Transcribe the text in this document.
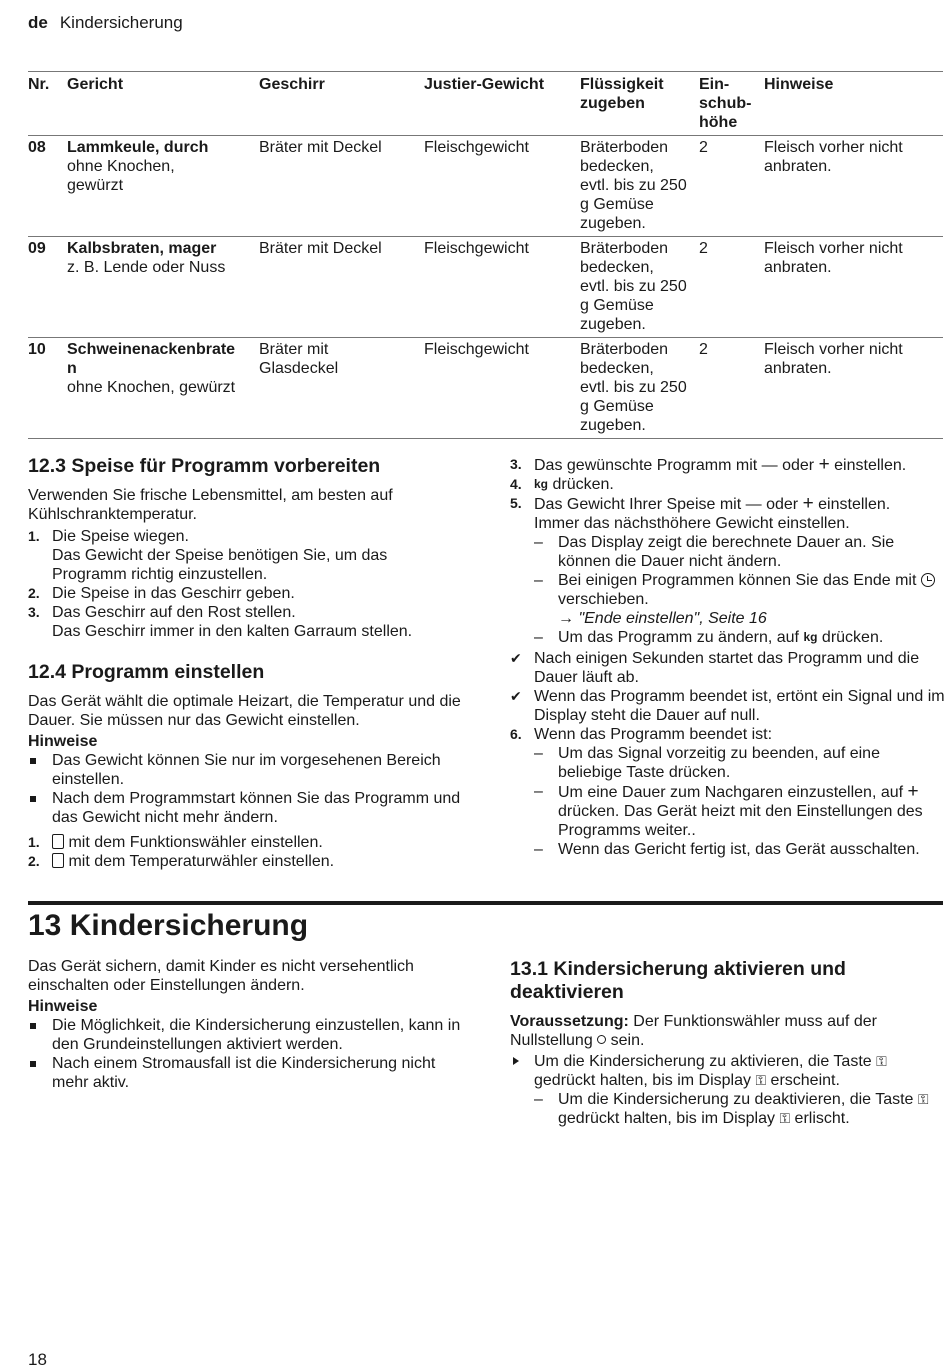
de Kindersicherung
Nr.	Gericht	Geschirr	Justier-Gewicht	Flüssigkeit zugeben	Ein-schub-höhe	Hinweise
08	Lammkeule, durch
ohne Knochen, gewürzt	Bräter mit Deckel	Fleischgewicht	Bräterboden bedecken, evtl. bis zu 250 g Gemüse zugeben.	2	Fleisch vorher nicht anbraten.
09	Kalbsbraten, mager
z. B. Lende oder Nuss	Bräter mit Deckel	Fleischgewicht	Bräterboden bedecken, evtl. bis zu 250 g Gemüse zugeben.	2	Fleisch vorher nicht anbraten.
10	Schweinenackenbraten
ohne Knochen, gewürzt	Bräter mit Glasdeckel	Fleischgewicht	Bräterboden bedecken, evtl. bis zu 250 g Gemüse zugeben.	2	Fleisch vorher nicht anbraten.
12.3 Speise für Programm vorbereiten
Verwenden Sie frische Lebensmittel, am besten auf Kühlschranktemperatur.
1. Die Speise wiegen.
Das Gewicht der Speise benötigen Sie, um das Programm richtig einzustellen.
2. Die Speise in das Geschirr geben.
3. Das Geschirr auf den Rost stellen.
Das Geschirr immer in den kalten Garraum stellen.
12.4 Programm einstellen
Das Gerät wählt die optimale Heizart, die Temperatur und die Dauer. Sie müssen nur das Gewicht einstellen.
Hinweise
Das Gewicht können Sie nur im vorgesehenen Bereich einstellen.
Nach dem Programmstart können Sie das Programm und das Gewicht nicht mehr ändern.
1. mit dem Funktionswähler einstellen.
2. mit dem Temperaturwähler einstellen.
3. Das gewünschte Programm mit — oder + einstellen.
4. kg drücken.
5. Das Gewicht Ihrer Speise mit — oder + einstellen.
Immer das nächsthöhere Gewicht einstellen.
– Das Display zeigt die berechnete Dauer an. Sie können die Dauer nicht ändern.
– Bei einigen Programmen können Sie das Ende mit  verschieben.
→ "Ende einstellen", Seite 16
– Um das Programm zu ändern, auf kg drücken.
✔ Nach einigen Sekunden startet das Programm und die Dauer läuft ab.
✔ Wenn das Programm beendet ist, ertönt ein Signal und im Display steht die Dauer auf null.
6. Wenn das Programm beendet ist:
– Um das Signal vorzeitig zu beenden, auf eine beliebige Taste drücken.
– Um eine Dauer zum Nachgaren einzustellen, auf + drücken. Das Gerät heizt mit den Einstellungen des Programms weiter..
– Wenn das Gericht fertig ist, das Gerät ausschalten.
13 Kindersicherung
Das Gerät sichern, damit Kinder es nicht versehentlich einschalten oder Einstellungen ändern.
Hinweise
Die Möglichkeit, die Kindersicherung einzustellen, kann in den Grundeinstellungen aktiviert werden.
Nach einem Stromausfall ist die Kindersicherung nicht mehr aktiv.
13.1 Kindersicherung aktivieren und deaktivieren
Voraussetzung: Der Funktionswähler muss auf der Nullstellung sein.
Um die Kindersicherung zu aktivieren, die Taste ⚿ gedrückt halten, bis im Display ⚿ erscheint.
– Um die Kindersicherung zu deaktivieren, die Taste ⚿ gedrückt halten, bis im Display ⚿ erlischt.
18
